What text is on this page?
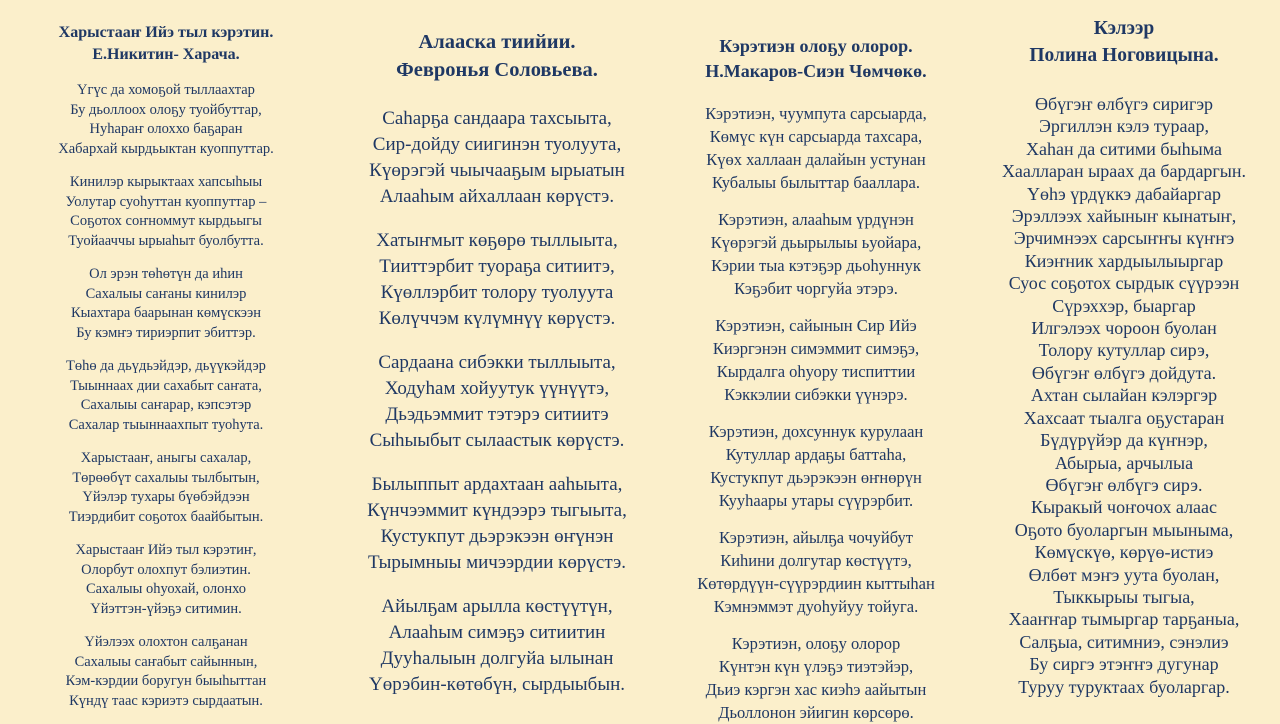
Харыстааҥ Ийэ тыл кэрэтин.
Е.Никитин- Харача.
Үгүс да хомоҕой тыллаахтар
Бу дьоллоох олоҕу туойбуттар,
Нуһараҥ олоххо баҕаран
Хабархай кырдьыктан куоппуттар.
Кинилэр кырыктаах хапсыһыы
Уолутар суоһуттан куоппуттар –
Соҕотох соҥноммут кырдьыгы
Туойааччы ырыаһыт буолбутта.
Ол эрэн төһөтүн да иһин
Сахалыы саҥаны кинилэр
Кыахтара баарынан көмүскээн
Бу кэмҥэ тириэрпит эбиттэр.
Төһө да дьүдьэйдэр, дьүүкэйдэр
Тыыннаах дии сахабыт саҥата,
Сахалыы саҥарар, кэпсэтэр
Сахалар тыыннаахпыт туоһута.
Харыстааҥ, аныгы сахалар,
Төрөөбүт сахалыы тылбытын,
Үйэлэр тухары бүөбэйдээн
Тиэрдибит соҕотох баайбытын.
Харыстааҥ Ийэ тыл кэрэтиҥ,
Олорбут олохпут бэлиэтин.
Сахалыы оһуохай, олонхо
Үйэттэн-үйэҕэ ситимин.
Үйэлээх олохтон салҕанан
Сахалыы саҥабыт сайыннын,
Кэм-кэрдии боругун быыһыттан
Күндү таас кэриэтэ сырдаатын.
Алааска тиийии.
Февронья Соловьева.
Саһарҕа сандаара тахсыыта,
Сир-дойду сиигинэн туолуута,
Күөрэгэй чыычааҕым ырыатын
Алааһым айхаллаан көрүстэ.
Хатыҥмыт көҕөрө тыллыыта,
Тииттэрбит туораҕа ситиитэ,
Күөллэрбит толору туолуута
Көлүччэм күлүмнүү көрүстэ.
Сардаана сибэкки тыллыыта,
Ходуһам хойуутук үүнүүтэ,
Дьэдьэммит тэтэрэ ситиитэ
Сыһыыбыт сылаастык көрүстэ.
Былыппыт ардахтаан ааһыыта,
Күнчээммит күндээрэ тыгыыта,
Кустукпут дьэрэкээн өҥүнэн
Тырымныы мичээрдии көрүстэ.
Айылҕам арылла көстүүтүн,
Алааһым симэҕэ ситиитин
Дууһалыын долгуйа ылынан
Үөрэбин-көтөбүн, сырдыыбын.
Кэрэтиэн олоҕу олорор.
Н.Макаров-Сиэн Чөмчөкө.
Кэрэтиэн, чуумпута сарсыарда,
Көмүс күн сарсыарда тахсара,
Күөх халлаан далайын устунан
Кубалыы былыттар бааллара.
Кэрэтиэн, алааһым үрдүнэн
Күөрэгэй дьырылыы ьуойара,
Кэрии тыа кэтэҕэр дьоһуннук
Кэҕэбит чоргуйа этэрэ.
Кэрэтиэн, сайынын Сир Ийэ
Киэргэнэн симэммит симэҕэ,
Кырдалга оһуору тиспиттии
Кэккэлии сибэкки үүнэрэ.
Кэрэтиэн, дохсуннук курулаан
Кутуллар ардаҕы баттаһа,
Кустукпут дьэрэкээн өҥнөрүн
Кууһаары утары сүүрэрбит.
Кэрэтиэн, айылҕа чочуйбут
Киһини долгутар көстүүтэ,
Көтөрдүүн-сүүрэрдиин кыттыһан
Кэмнэммэт дуоһуйуу тойуга.
Кэрэтиэн, олоҕу олорор
Күнтэн күн үлэҕэ тиэтэйэр,
Дьиэ кэргэн хас киэһэ аайытын
Дьоллонон эйигин көрсөрө.
Кэлээр
Полина Ноговицына.
Өбүгэҥ өлбүгэ сиригэр
Эргиллэн кэлэ тураар,
Хаһан да ситими быһыма
Хаалларан ыраах да бардаргын.
Үөһэ үрдүккэ дабайаргар
Эрэллээх хайыныҥ кынатыҥ,
Эрчимнээх сарсыҥҥы күҥҥэ
Киэҥник хардыылыыргар
Суос соҕотох сырдык сүүрээн
Сүрэххэр, быаргар
Илгэлээх чороон буолан
Толору кутуллар сирэ,
Өбүгэҥ өлбүгэ дойдута.
Ахтан сылайан кэлэргэр
Хахсаат тыалга оҕустаран
Бүдүрүйэр да күҥнэр,
Абырыа, арчылыа
Өбүгэҥ өлбүгэ сирэ.
Кыракый чоҥочох алаас
Оҕото буоларгын мыыныма,
Көмүскүө, көрүө-истиэ
Өлбөт мэҥэ уута буолан,
Тыккырыы тыгыа,
Хааҥҥар тымыргар тарҕаныа,
Салҕыа, ситимниэ, сэнэлиэ
Бу сиргэ этэҥҥэ дугунар
Туруу туруктаах буоларгар.
